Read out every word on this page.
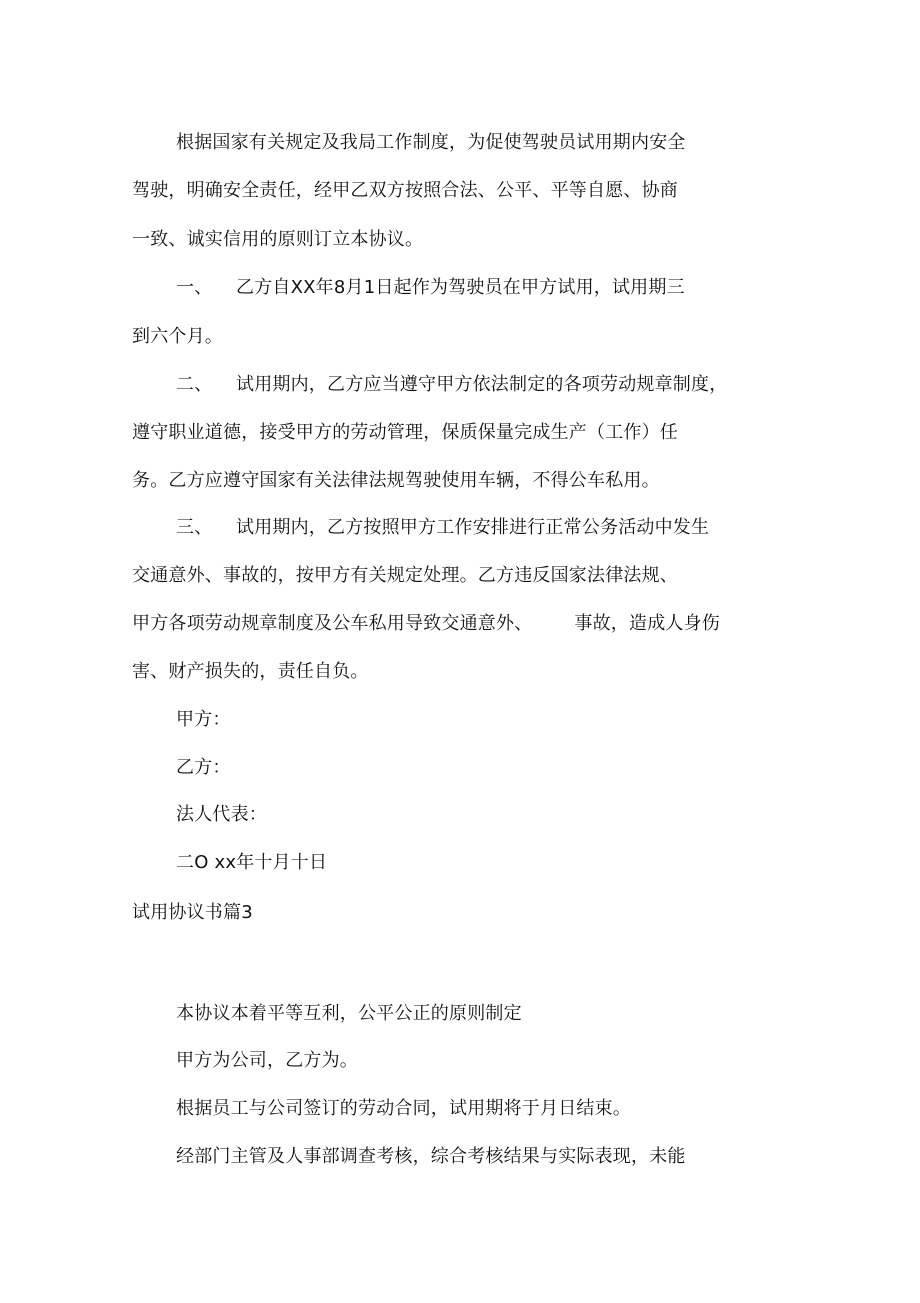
根据国家有关规定及我局工作制度，为促使驾驶员试用期内安全
驾驶，明确安全责任，经甲乙双方按照合法、公平、平等自愿、协商
一致、诚实信用的原则订立本协议。
一、 乙方自XX年8月1日起作为驾驶员在甲方试用，试用期三
到六个月。
二、 试用期内，乙方应当遵守甲方依法制定的各项劳动规章制度，
遵守职业道德，接受甲方的劳动管理，保质保量完成生产（工作）任
务。乙方应遵守国家有关法律法规驾驶使用车辆，不得公车私用。
三、 试用期内，乙方按照甲方工作安排进行正常公务活动中发生
交通意外、事故的，按甲方有关规定处理。乙方违反国家法律法规、
甲方各项劳动规章制度及公车私用导致交通意外、 事故，造成人身伤
害、财产损失的，责任自负。
甲方：
乙方：
法人代表：
二O xx年十月十日
试用协议书篇3
本协议本着平等互利，公平公正的原则制定
甲方为公司，乙方为。
根据员工与公司签订的劳动合同，试用期将于月日结束。
经部门主管及人事部调查考核，综合考核结果与实际表现，未能
